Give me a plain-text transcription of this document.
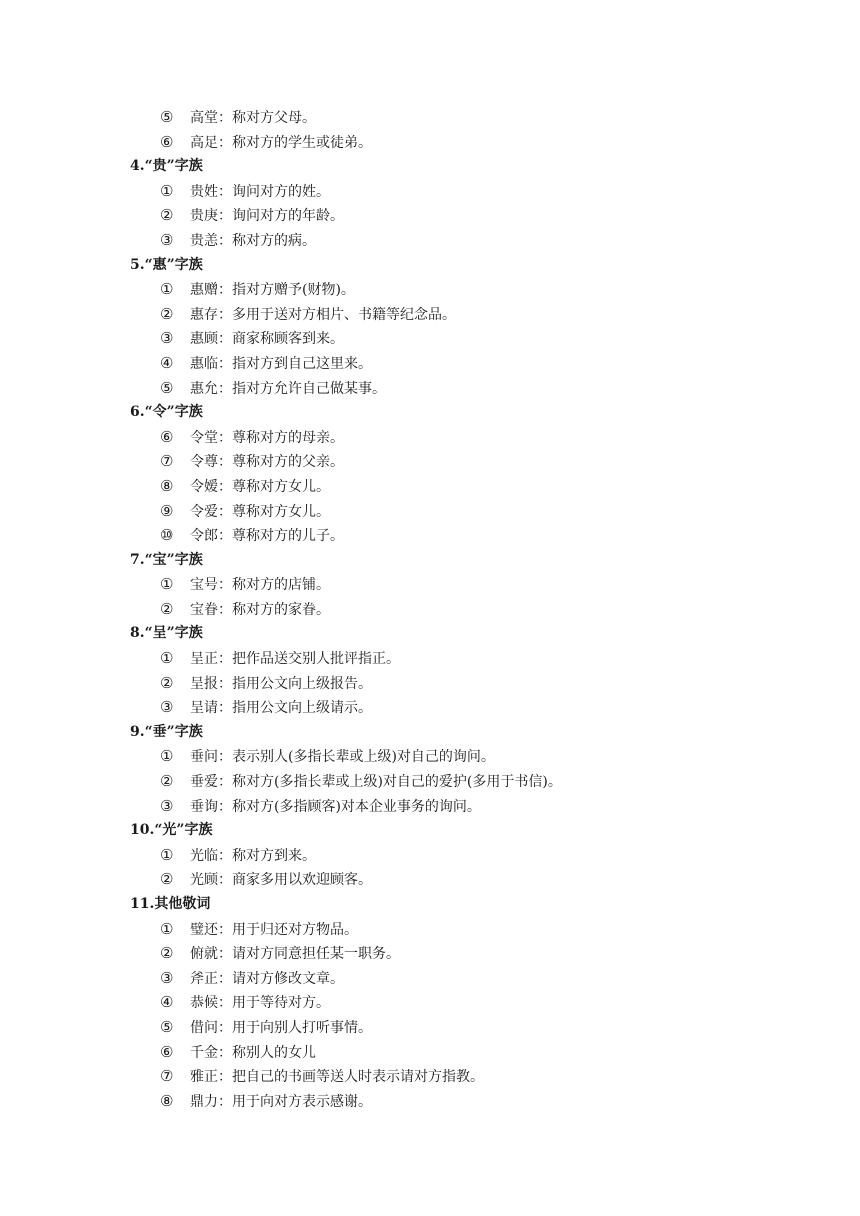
⑤ 高堂：称对方父母。
⑥ 高足：称对方的学生或徒弟。
4.“贵”字族
① 贵姓：询问对方的姓。
② 贵庚：询问对方的年龄。
③ 贵恙：称对方的病。
5.“惠”字族
① 惠赠：指对方赠予(财物)。
② 惠存：多用于送对方相片、书籍等纪念品。
③ 惠顾：商家称顾客到来。
④ 惠临：指对方到自己这里来。
⑤ 惠允：指对方允许自己做某事。
6.“令”字族
⑥ 令堂：尊称对方的母亲。
⑦ 令尊：尊称对方的父亲。
⑧ 令嫒：尊称对方女儿。
⑨ 令爱：尊称对方女儿。
⑩ 令郎：尊称对方的儿子。
7.“宝”字族
① 宝号：称对方的店铺。
② 宝眷：称对方的家眷。
8.“呈”字族
① 呈正：把作品送交别人批评指正。
② 呈报：指用公文向上级报告。
③ 呈请：指用公文向上级请示。
9.“垂”字族
① 垂问：表示别人(多指长辈或上级)对自己的询问。
② 垂爱：称对方(多指长辈或上级)对自己的爱护(多用于书信)。
③ 垂询：称对方(多指顾客)对本企业事务的询问。
10.“光”字族
① 光临：称对方到来。
② 光顾：商家多用以欢迎顾客。
11.其他敬词
① 璧还：用于归还对方物品。
② 俯就：请对方同意担任某一职务。
③ 斧正：请对方修改文章。
④ 恭候：用于等待对方。
⑤ 借问：用于向别人打听事情。
⑥ 千金：称别人的女儿
⑦ 雅正：把自己的书画等送人时表示请对方指教。
⑧ 鼎力：用于向对方表示感谢。
